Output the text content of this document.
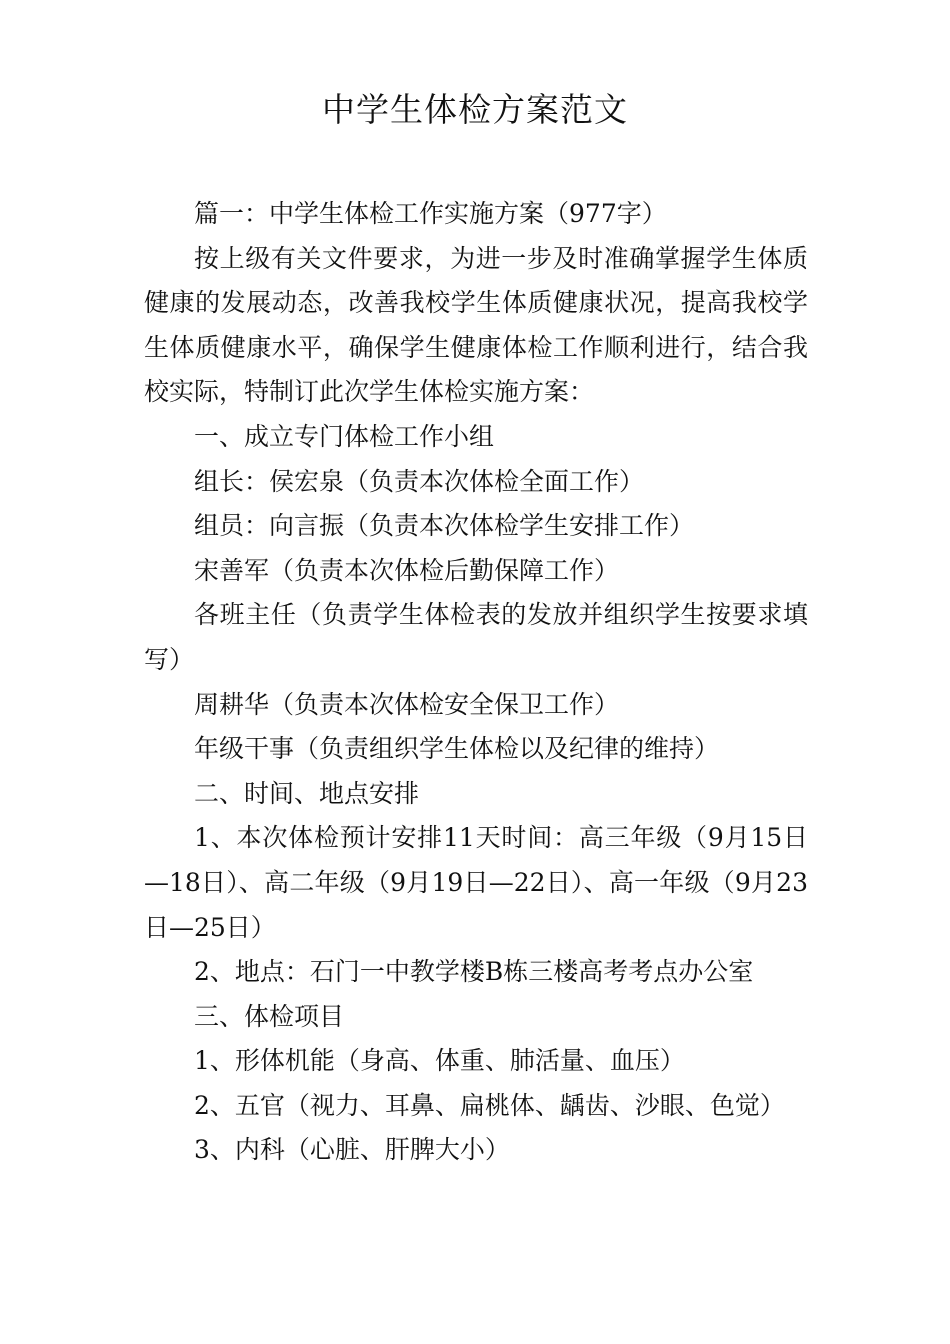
中学生体检方案范文

篇一：中学生体检工作实施方案（977字）

按上级有关文件要求，为进一步及时准确掌握学生体质健康的发展动态，改善我校学生体质健康状况，提高我校学生体质健康水平，确保学生健康体检工作顺利进行，结合我校实际，特制订此次学生体检实施方案：

一、成立专门体检工作小组

组长：侯宏泉（负责本次体检全面工作）

组员：向言振（负责本次体检学生安排工作）

宋善军（负责本次体检后勤保障工作）

各班主任（负责学生体检表的发放并组织学生按要求填写）

周耕华（负责本次体检安全保卫工作）

年级干事（负责组织学生体检以及纪律的维持）

二、时间、地点安排

1、本次体检预计安排11天时间：高三年级（9月15日—18日）、高二年级（9月19日—22日）、高一年级（9月23日—25日）

2、地点：石门一中教学楼B栋三楼高考考点办公室

三、体检项目

1、形体机能（身高、体重、肺活量、血压）

2、五官（视力、耳鼻、扁桃体、龋齿、沙眼、色觉）

3、内科（心脏、肝脾大小）
